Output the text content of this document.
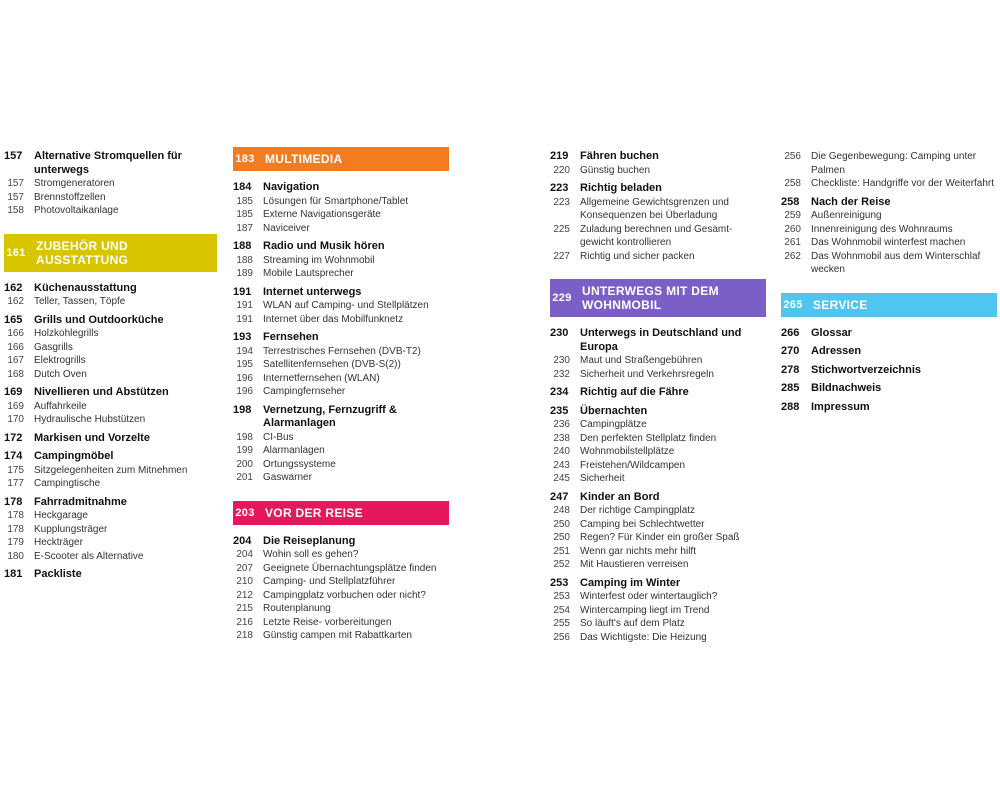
157	Alternative Stromquellen für unterwegs
157 Stromgeneratoren
157 Brennstoffzellen
158 Photovoltaikanlage
161 ZUBEHÖR UND AUSSTATTUNG
162	Küchenausstattung
162 Teller, Tassen, Töpfe
165	Grills und Outdoorküche
166 Holzkohlegrills
166 Gasgrills
167 Elektrogrills
168 Dutch Oven
169	Nivellieren und Abstützen
169 Auffahrkeile
170 Hydraulische Hubstützen
172	Markisen und Vorzelte
174	Campingmöbel
175 Sitzgelegenheiten zum Mitnehmen
177 Campingtische
178	Fahrradmitnahme
178 Heckgarage
178 Kupplungsträger
179 Heckträger
180 E-Scooter als Alternative
181	Packliste
183 MULTIMEDIA
184	Navigation
185 Lösungen für Smartphone/Tablet
185 Externe Navigationsgeräte
187 Naviceiver
188	Radio und Musik hören
188 Streaming im Wohnmobil
189 Mobile Lautsprecher
191	Internet unterwegs
191 WLAN auf Camping- und Stellplätzen
191 Internet über das Mobilfunknetz
193	Fernsehen
194 Terrestrisches Fernsehen (DVB-T2)
195 Satellitenfernsehen (DVB-S(2))
196 Internetfernsehen (WLAN)
196 Campingfernseher
198	Vernetzung, Fernzugriff & Alarmanlagen
198 CI-Bus
199 Alarmanlagen
200 Ortungssysteme
201 Gaswarner
203 VOR DER REISE
204	Die Reiseplanung
204 Wohin soll es gehen?
207 Geeignete Übernachtungsplätze finden
210 Camping- und Stellplatzführer
212 Campingplatz vorbuchen oder nicht?
215 Routenplanung
216 Letzte Reise- vorbereitungen
218 Günstig campen mit Rabattkarten
219	Fähren buchen
220 Günstig buchen
223	Richtig beladen
223 Allgemeine Gewichtsgrenzen und Konsequenzen bei Überladung
225 Zuladung berechnen und Gesamt- gewicht kontrollieren
227 Richtig und sicher packen
229 UNTERWEGS MIT DEM WOHNMOBIL
230	Unterwegs in Deutschland und Europa
230 Maut und Straßengebühren
232 Sicherheit und Verkehrsregeln
234	Richtig auf die Fähre
235	Übernachten
236 Campingplätze
238 Den perfekten Stellplatz finden
240 Wohnmobilstellplätze
243 Freistehen/Wildcampen
245 Sicherheit
247	Kinder an Bord
248 Der richtige Campingplatz
250 Camping bei Schlechtwetter
250 Regen? Für Kinder ein großer Spaß
251 Wenn gar nichts mehr hilft
252 Mit Haustieren verreisen
253	Camping im Winter
253 Winterfest oder wintertauglich?
254 Wintercamping liegt im Trend
255 So läuft's auf dem Platz
256 Das Wichtigste: Die Heizung
256 Die Gegenbewegung: Camping unter Palmen
258 Checkliste: Handgriffe vor der Weiterfahrt
258	Nach der Reise
259 Außenreinigung
260 Innenreinigung des Wohnraums
261 Das Wohnmobil winterfest machen
262 Das Wohnmobil aus dem Winterschlaf wecken
265 SERVICE
266	Glossar
270	Adressen
278	Stichwortverzeichnis
285	Bildnachweis
288	Impressum
